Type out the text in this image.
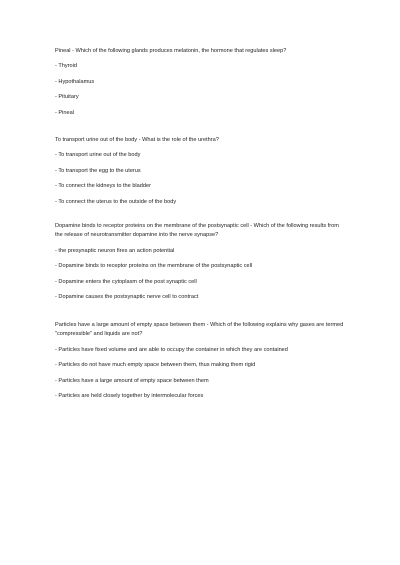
Pineal - Which of the following glands produces melatonin, the hormone that regulates sleep?

- Thyroid
- Hypothalamus
- Pituitary
- Pineal

To transport urine out of the body - What is the role of the urethra?

- To transport urine out of the body
- To transport the egg to the uterus
- To connect the kidneys to the bladder
- To connect the uterus to the outside of the body

Dopamine binds to receptor proteins on the membrane of the postsynaptic cell - Which of the following results from the release of neurotransmitter dopamine into the nerve synapse?

- the presynaptic neuron fires an action potential
- Dopamine binds to receptor proteins on the membrane of the postsynaptic cell
- Dopamine enters the cytoplasm of the post synaptic cell
- Dopamine causes the postsynaptic nerve cell to contract

Particles have a large amount of empty space between them - Which of the following explains why gases are termed "compressible" and liquids are not?

- Particles have fixed volume and are able to occupy the container in which they are contained
- Particles do not have much empty space between them, thus making them rigid
- Particles have a large amount of empty space between them
- Particles are held closely together by intermolecular forces
